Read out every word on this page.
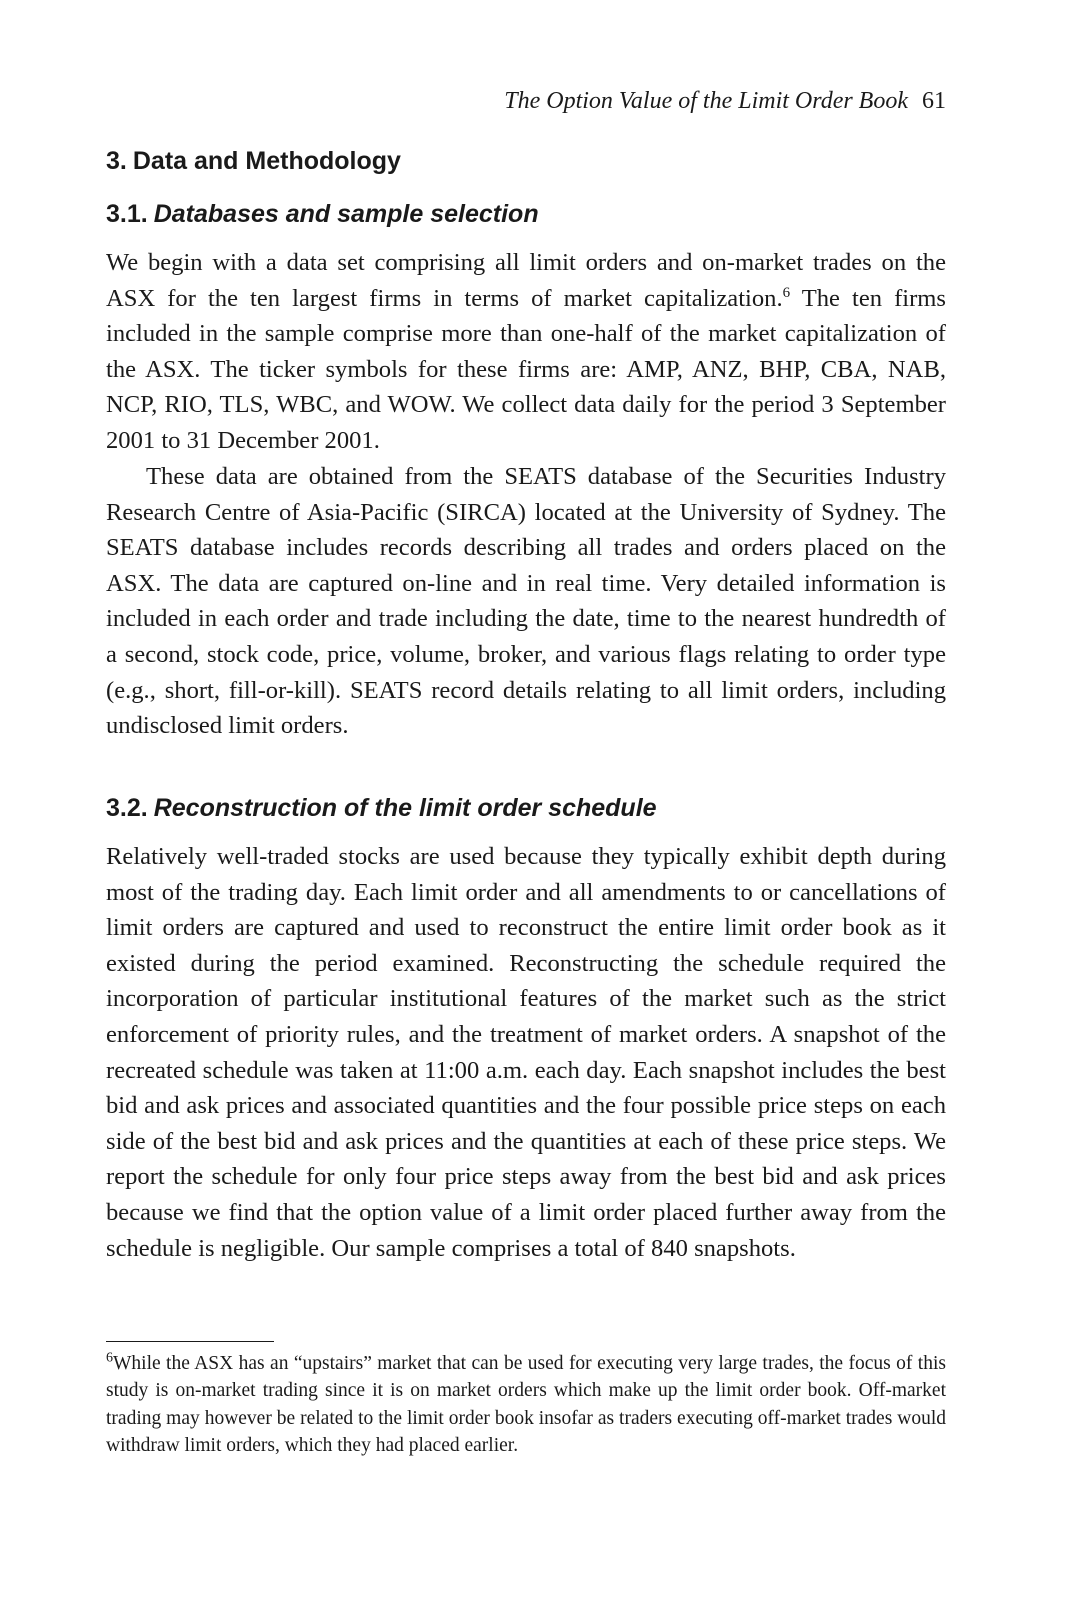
The Option Value of the Limit Order Book 61
3. Data and Methodology
3.1. Databases and sample selection

We begin with a data set comprising all limit orders and on-market trades on the ASX for the ten largest firms in terms of market capitalization.$^6$ The ten firms included in the sample comprise more than one-half of the market capitalization of the ASX. The ticker symbols for these firms are: AMP, ANZ, BHP, CBA, NAB, NCP, RIO, TLS, WBC, and WOW. We collect data daily for the period 3 September 2001 to 31 December 2001.

These data are obtained from the SEATS database of the Securities Industry Research Centre of Asia-Pacific (SIRCA) located at the University of Sydney. The SEATS database includes records describing all trades and orders placed on the ASX. The data are captured on-line and in real time. Very detailed information is included in each order and trade including the date, time to the nearest hundredth of a second, stock code, price, volume, broker, and various flags relating to order type (e.g., short, fill-or-kill). SEATS record details relating to all limit orders, including undisclosed limit orders.

3.2. Reconstruction of the limit order schedule

Relatively well-traded stocks are used because they typically exhibit depth during most of the trading day. Each limit order and all amendments to or cancellations of limit orders are captured and used to reconstruct the entire limit order book as it existed during the period examined. Reconstructing the schedule required the incorporation of particular institutional features of the market such as the strict enforcement of priority rules, and the treatment of market orders. A snapshot of the recreated schedule was taken at 11:00 a.m. each day. Each snapshot includes the best bid and ask prices and associated quantities and the four possible price steps on each side of the best bid and ask prices and the quantities at each of these price steps. We report the schedule for only four price steps away from the best bid and ask prices because we find that the option value of a limit order placed further away from the schedule is negligible. Our sample comprises a total of 840 snapshots.

$^6$While the ASX has an “upstairs” market that can be used for executing very large trades, the focus of this study is on-market trading since it is on market orders which make up the limit order book. Off-market trading may however be related to the limit order book insofar as traders executing off-market trades would withdraw limit orders, which they had placed earlier.
